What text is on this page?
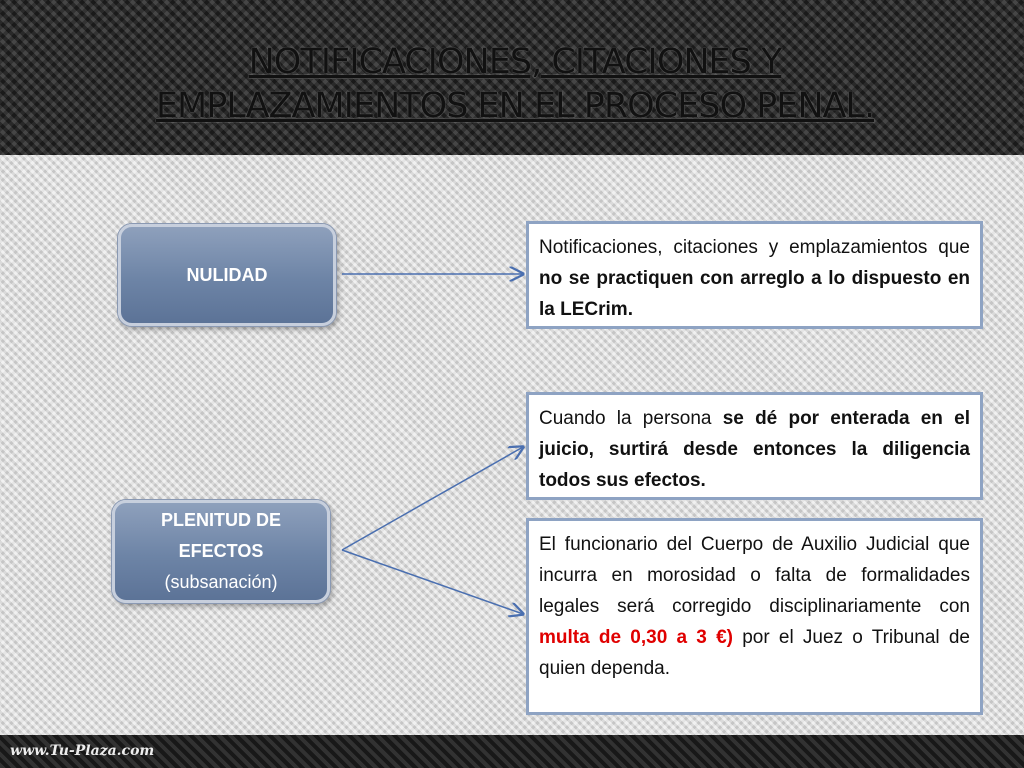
NOTIFICACIONES, CITACIONES Y
EMPLAZAMIENTOS EN EL PROCESO PENAL.
NULIDAD
PLENITUD DE
EFECTOS
(subsanación)
Notificaciones, citaciones y emplazamientos que no se practiquen con arreglo a lo dispuesto en la LECrim.
Cuando la persona se dé por enterada en el juicio, surtirá desde entonces la diligencia todos sus efectos.
El funcionario del Cuerpo de Auxilio Judicial que incurra en morosidad o falta de formalidades legales será corregido disciplinariamente con multa de 0,30 a 3 €) por el Juez o Tribunal de quien dependa.
www.Tu-Plaza.com
